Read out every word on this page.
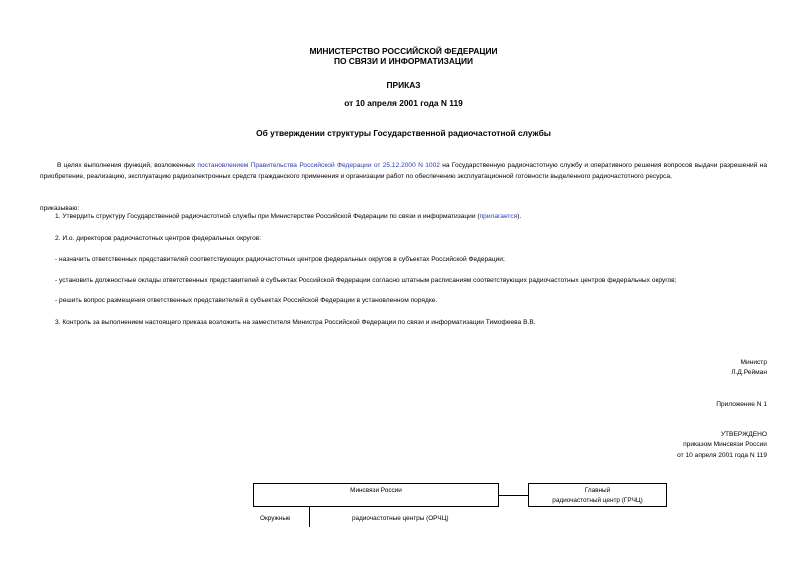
МИНИСТЕРСТВО РОССИЙСКОЙ ФЕДЕРАЦИИ
ПО СВЯЗИ И ИНФОРМАТИЗАЦИИ
ПРИКАЗ
от 10 апреля 2001 года N 119
Об утверждении структуры Государственной радиочастотной службы
В целях выполнения функций, возложенных постановлением Правительства Российской Федерации от 25.12.2000 N 1002 на Государственную радиочастотную службу и оперативного решения вопросов выдачи разрешений на приобретение, реализацию, эксплуатацию радиоэлектронных средств гражданского применения и организации работ по обеспечению эксплуатационной готовности выделенного радиочастотного ресурса,
приказываю:
1. Утвердить структуру Государственной радиочастотной службы при Министерстве Российской Федерации по связи и информатизации (прилагается).
2. И.о. директоров радиочастотных центров федеральных округов:
- назначить ответственных представителей соответствующих радиочастотных центров федеральных округов в субъектах Российской Федерации;
- установить должностные оклады ответственных представителей в субъектах Российской Федерации согласно штатным расписаниям соответствующих радиочастотных центров федеральных округов;
- решить вопрос размещения ответственных представителей в субъектах Российской Федерации в установленном порядке.
3. Контроль за выполнением настоящего приказа возложить на заместителя Министра Российской Федерации по связи и информатизации Тимофеева В.В.
Министр
Л.Д.Рейман
Приложение N 1
УТВЕРЖДЕНО
приказом Минсвязи России
от 10 апреля 2001 года N 119
Минсвязи России	Главный
радиочастотный центр (ГРЧЦ)
Окружные	радиочастотные центры (ОРЧЦ)
